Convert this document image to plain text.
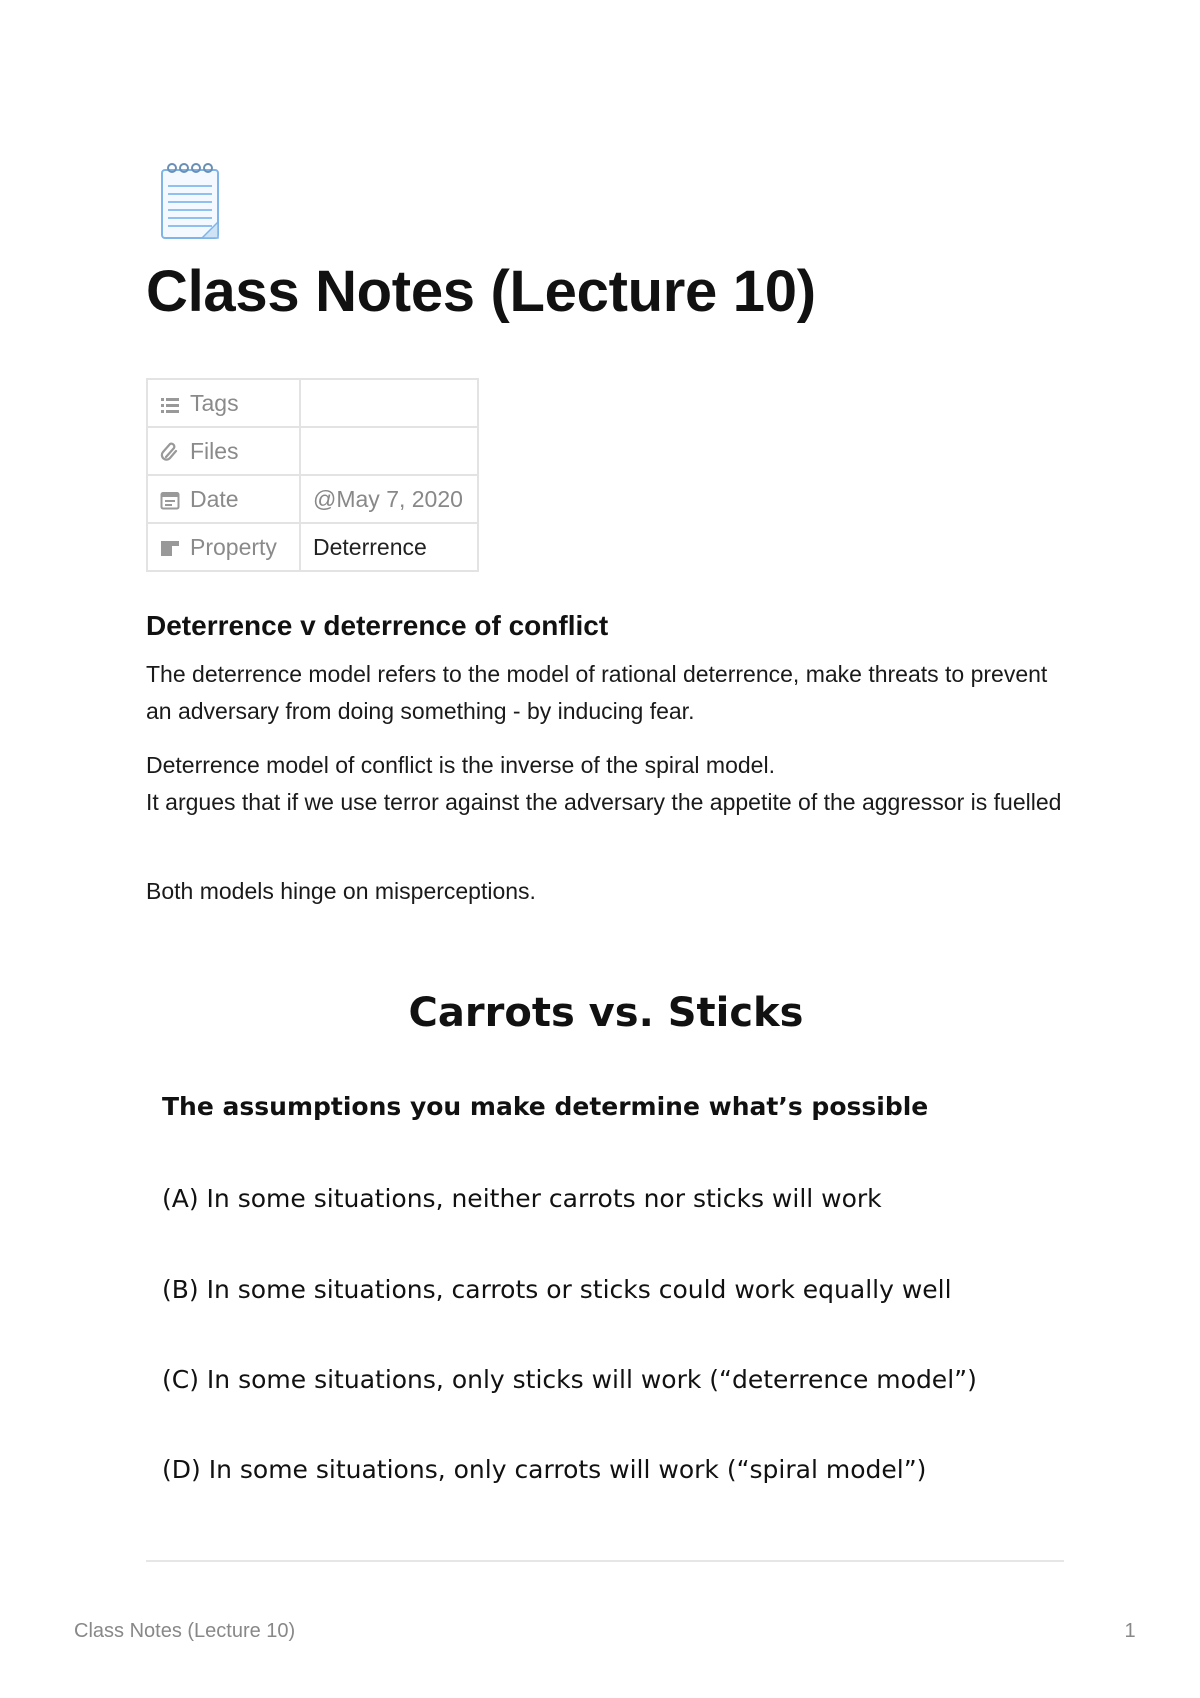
Class Notes (Lecture 10)
Tags	
Files	
Date	@May 7, 2020
Property	Deterrence
Deterrence v deterrence of conflict

The deterrence model refers to the model of rational deterrence, make threats to prevent an adversary from doing something - by inducing fear.

Deterrence model of conflict is the inverse of the spiral model.

It argues that if we use terror against the adversary the appetite of the aggressor is fuelled

Both models hinge on misperceptions.

Carrots vs. Sticks

The assumptions you make determine what’s possible

(A) In some situations, neither carrots nor sticks will work

(B) In some situations, carrots or sticks could work equally well

(C) In some situations, only sticks will work (“deterrence model”)

(D) In some situations, only carrots will work (“spiral model”)

Class Notes (Lecture 10)	1
